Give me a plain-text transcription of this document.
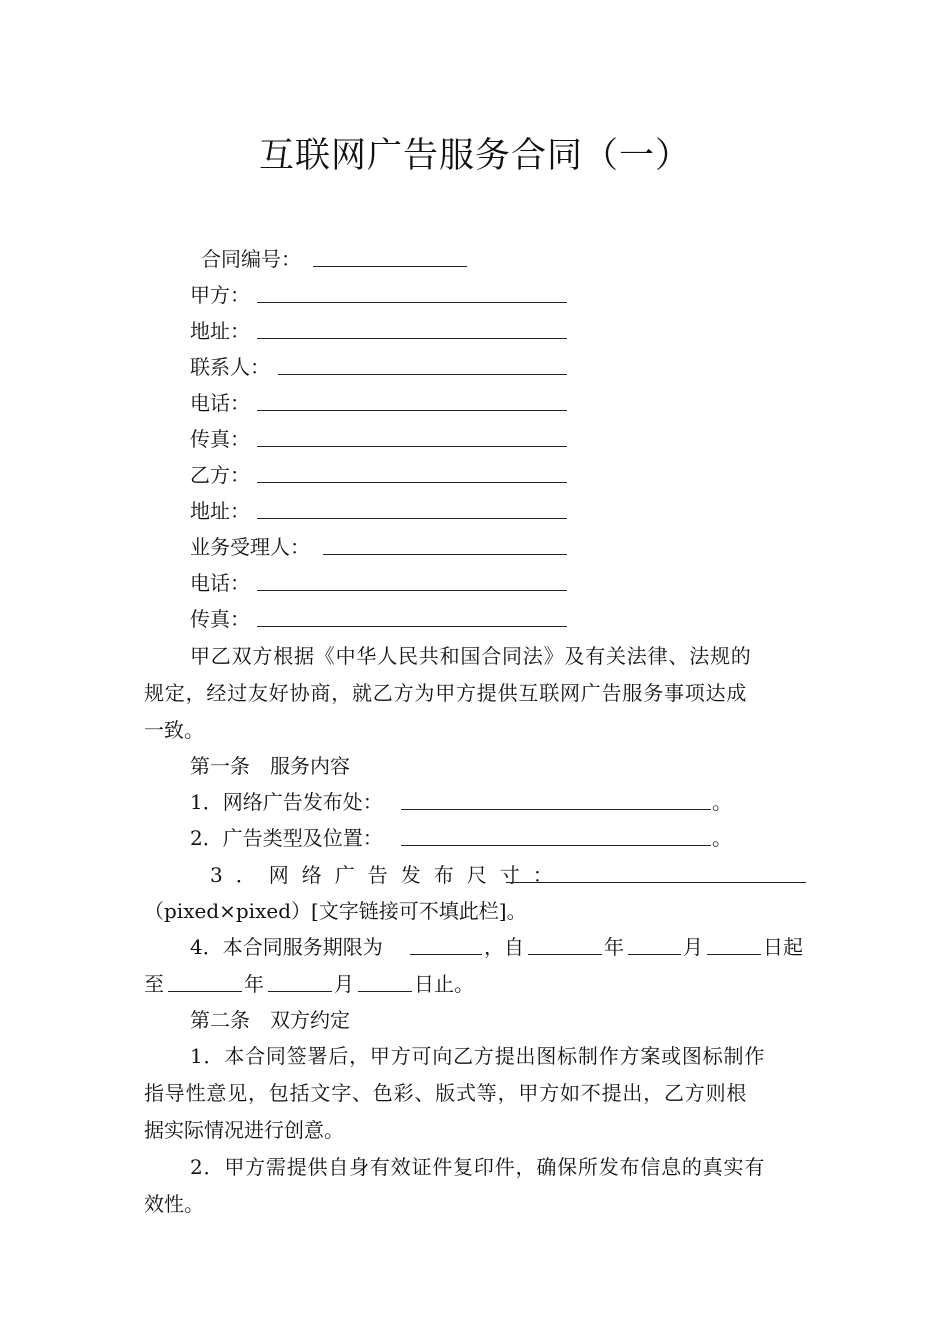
互联网广告服务合同（一）
合同编号：
甲方：
地址：
联系人：
电话：
传真：
乙方：
地址：
业务受理人：
电话：
传真：
甲乙双方根据《中华人民共和国合同法》及有关法律、法规的
规定，经过友好协商，就乙方为甲方提供互联网广告服务事项达成
一致。
第一条　服务内容
1．网络广告发布处：	。
2．广告类型及位置：	。
3．网络广告发布尺寸：
（pixed×pixed）[文字链接可不填此栏]。
4．本合同服务期限为	，自	年	月	日起
至	年	月	日止。
第二条　双方约定
1．本合同签署后，甲方可向乙方提出图标制作方案或图标制作
指导性意见，包括文字、色彩、版式等，甲方如不提出，乙方则根
据实际情况进行创意。
2．甲方需提供自身有效证件复印件，确保所发布信息的真实有
效性。
